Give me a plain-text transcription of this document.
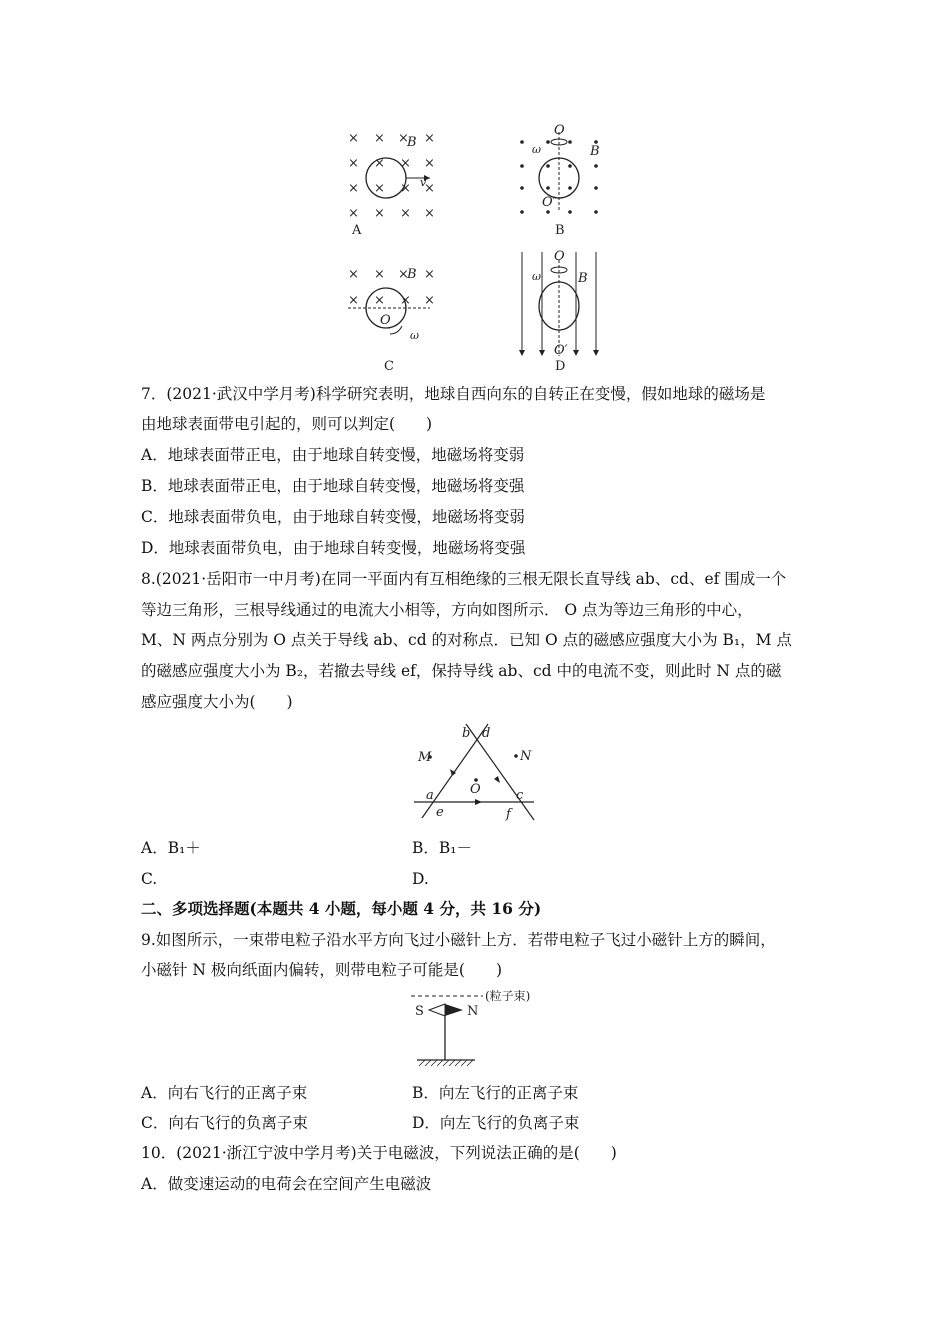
× × ×
× × × ×
× × × ×
× × × ×
×
B
v
A
O
O′
ω	B
B
× × × ×
× × × ×
B
O
ω
C
O
O′
ω	B
D
7．(2021·武汉中学月考)科学研究表明，地球自西向东的自转正在变慢，假如地球的磁场是
由地球表面带电引起的，则可以判定(　　)
A．地球表面带正电，由于地球自转变慢，地磁场将变弱
B．地球表面带正电，由于地球自转变慢，地磁场将变强
C．地球表面带负电，由于地球自转变慢，地磁场将变弱
D．地球表面带负电，由于地球自转变慢，地磁场将变强
8.(2021·岳阳市一中月考)在同一平面内有互相绝缘的三根无限长直导线 ab、cd、ef 围成一个
等边三角形，三根导线通过的电流大小相等，方向如图所示． O 点为等边三角形的中心，
M、N 两点分别为 O 点关于导线 ab、cd 的对称点．已知 O 点的磁感应强度大小为 B₁，M 点
的磁感应强度大小为 B₂，若撤去导线 ef，保持导线 ab、cd 中的电流不变，则此时 N 点的磁
感应强度大小为(　　)
b d
M	N
O
a	c
e	f
A．B₁＋	B．B₁－
C.	D.
二、多项选择题(本题共 4 小题，每小题 4 分，共 16 分)
9.如图所示，一束带电粒子沿水平方向飞过小磁针上方．若带电粒子飞过小磁针上方的瞬间，
小磁针 N 极向纸面内偏转，则带电粒子可能是(　　)
(粒子束)
S	N
A．向右飞行的正离子束	B．向左飞行的正离子束
C．向右飞行的负离子束	D．向左飞行的负离子束
10．(2021·浙江宁波中学月考)关于电磁波，下列说法正确的是(　　)
A．做变速运动的电荷会在空间产生电磁波
